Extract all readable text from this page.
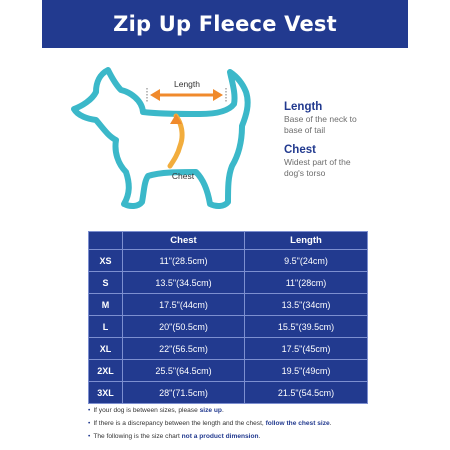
Zip Up Fleece Vest
Length
Chest
Length
Base of the neck to
base of tail
Chest
Widest part of the
dog's torso
	Chest	Length
XS	11"(28.5cm)	9.5"(24cm)
S	13.5"(34.5cm)	11"(28cm)
M	17.5"(44cm)	13.5"(34cm)
L	20"(50.5cm)	15.5"(39.5cm)
XL	22"(56.5cm)	17.5"(45cm)
2XL	25.5"(64.5cm)	19.5"(49cm)
3XL	28"(71.5cm)	21.5"(54.5cm)
• If your dog is between sizes, please size up.
• If there is a discrepancy between the length and the chest, follow the chest size.
• The following is the size chart not a product dimension.
